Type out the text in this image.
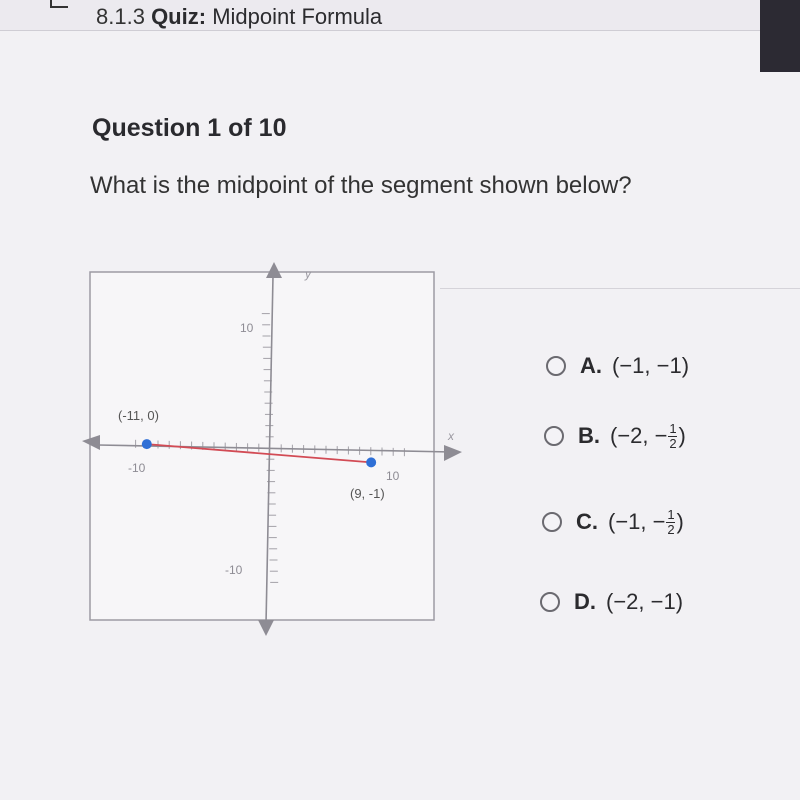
8.1.3 Quiz: Midpoint Formula
Question 1 of 10
What is the midpoint of the segment shown below?
y
x
10
-10
-10
10
(-11, 0)
(9, -1)
A. (−1, −1)
B. (−2, − $\frac{1}{2}$ )
C. (−1, − $\frac{1}{2}$ )
D. (−2, −1)
